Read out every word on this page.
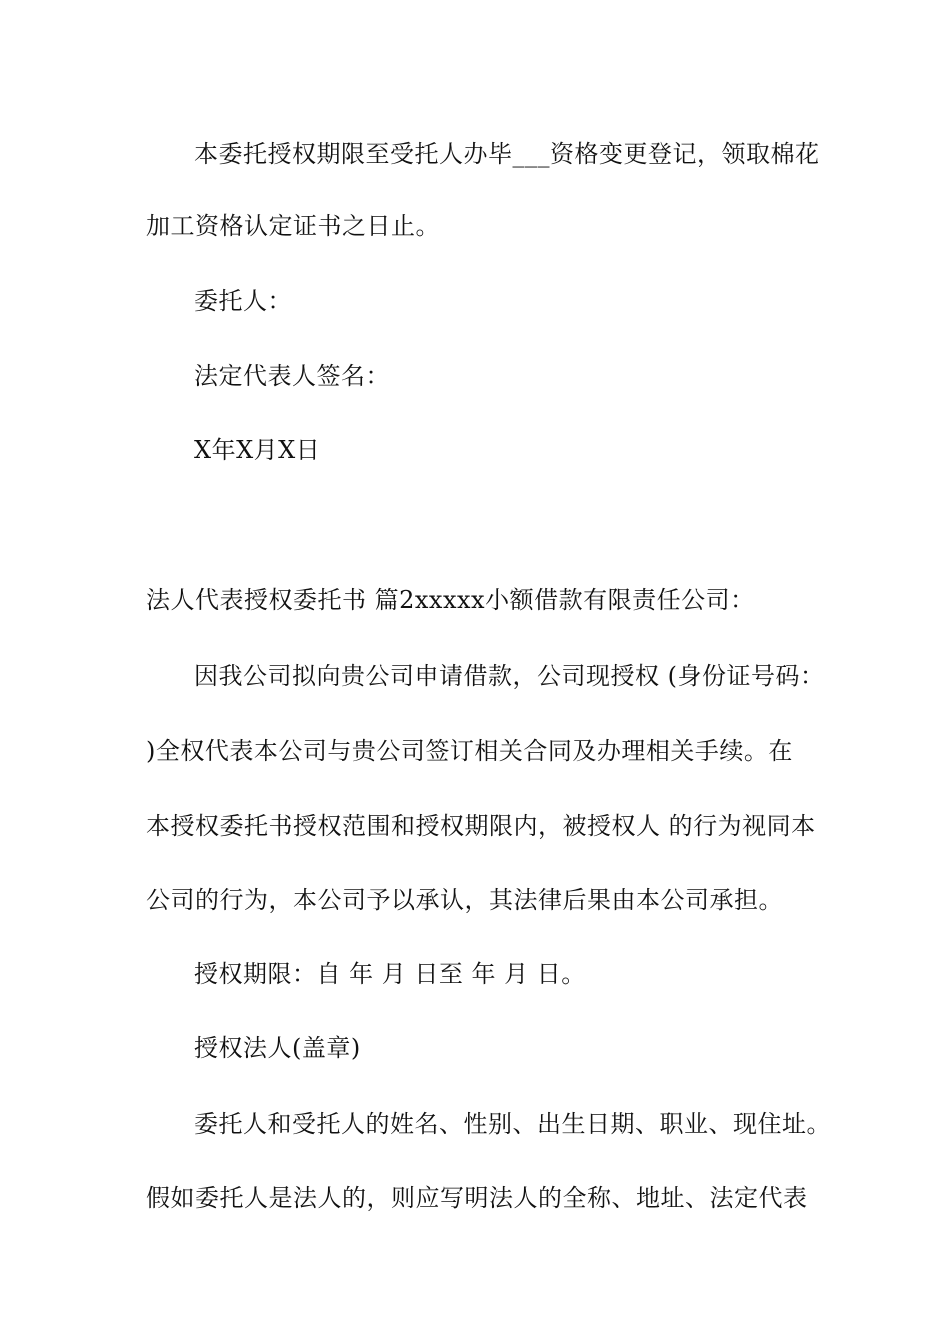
本委托授权期限至受托人办毕___资格变更登记，领取棉花
加工资格认定证书之日止。
委托人：
法定代表人签名：
X年X月X日
法人代表授权委托书 篇2xxxxx小额借款有限责任公司：
因我公司拟向贵公司申请借款，公司现授权 (身份证号码：
)全权代表本公司与贵公司签订相关合同及办理相关手续。在
本授权委托书授权范围和授权期限内，被授权人 的行为视同本
公司的行为，本公司予以承认，其法律后果由本公司承担。
授权期限：自 年 月 日至 年 月 日。
授权法人(盖章)
委托人和受托人的姓名、性别、出生日期、职业、现住址。
假如委托人是法人的，则应写明法人的全称、地址、法定代表
